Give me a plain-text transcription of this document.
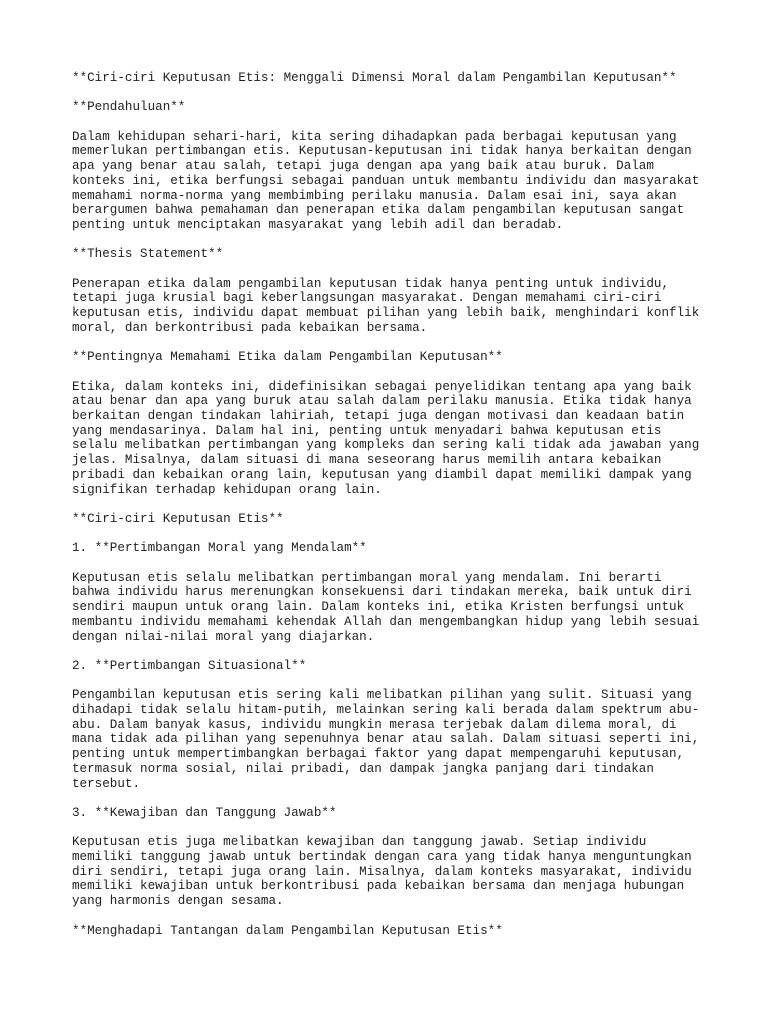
**Ciri-ciri Keputusan Etis: Menggali Dimensi Moral dalam Pengambilan Keputusan**
**Pendahuluan**
Dalam kehidupan sehari-hari, kita sering dihadapkan pada berbagai keputusan yang
memerlukan pertimbangan etis. Keputusan-keputusan ini tidak hanya berkaitan dengan
apa yang benar atau salah, tetapi juga dengan apa yang baik atau buruk. Dalam
konteks ini, etika berfungsi sebagai panduan untuk membantu individu dan masyarakat
memahami norma-norma yang membimbing perilaku manusia. Dalam esai ini, saya akan
berargumen bahwa pemahaman dan penerapan etika dalam pengambilan keputusan sangat
penting untuk menciptakan masyarakat yang lebih adil dan beradab.
**Thesis Statement**
Penerapan etika dalam pengambilan keputusan tidak hanya penting untuk individu,
tetapi juga krusial bagi keberlangsungan masyarakat. Dengan memahami ciri-ciri
keputusan etis, individu dapat membuat pilihan yang lebih baik, menghindari konflik
moral, dan berkontribusi pada kebaikan bersama.
**Pentingnya Memahami Etika dalam Pengambilan Keputusan**
Etika, dalam konteks ini, didefinisikan sebagai penyelidikan tentang apa yang baik
atau benar dan apa yang buruk atau salah dalam perilaku manusia. Etika tidak hanya
berkaitan dengan tindakan lahiriah, tetapi juga dengan motivasi dan keadaan batin
yang mendasarinya. Dalam hal ini, penting untuk menyadari bahwa keputusan etis
selalu melibatkan pertimbangan yang kompleks dan sering kali tidak ada jawaban yang
jelas. Misalnya, dalam situasi di mana seseorang harus memilih antara kebaikan
pribadi dan kebaikan orang lain, keputusan yang diambil dapat memiliki dampak yang
signifikan terhadap kehidupan orang lain.
**Ciri-ciri Keputusan Etis**
1. **Pertimbangan Moral yang Mendalam**
Keputusan etis selalu melibatkan pertimbangan moral yang mendalam. Ini berarti
bahwa individu harus merenungkan konsekuensi dari tindakan mereka, baik untuk diri
sendiri maupun untuk orang lain. Dalam konteks ini, etika Kristen berfungsi untuk
membantu individu memahami kehendak Allah dan mengembangkan hidup yang lebih sesuai
dengan nilai-nilai moral yang diajarkan.
2. **Pertimbangan Situasional**
Pengambilan keputusan etis sering kali melibatkan pilihan yang sulit. Situasi yang
dihadapi tidak selalu hitam-putih, melainkan sering kali berada dalam spektrum abu-
abu. Dalam banyak kasus, individu mungkin merasa terjebak dalam dilema moral, di
mana tidak ada pilihan yang sepenuhnya benar atau salah. Dalam situasi seperti ini,
penting untuk mempertimbangkan berbagai faktor yang dapat mempengaruhi keputusan,
termasuk norma sosial, nilai pribadi, dan dampak jangka panjang dari tindakan
tersebut.
3. **Kewajiban dan Tanggung Jawab**
Keputusan etis juga melibatkan kewajiban dan tanggung jawab. Setiap individu
memiliki tanggung jawab untuk bertindak dengan cara yang tidak hanya menguntungkan
diri sendiri, tetapi juga orang lain. Misalnya, dalam konteks masyarakat, individu
memiliki kewajiban untuk berkontribusi pada kebaikan bersama dan menjaga hubungan
yang harmonis dengan sesama.
**Menghadapi Tantangan dalam Pengambilan Keputusan Etis**
